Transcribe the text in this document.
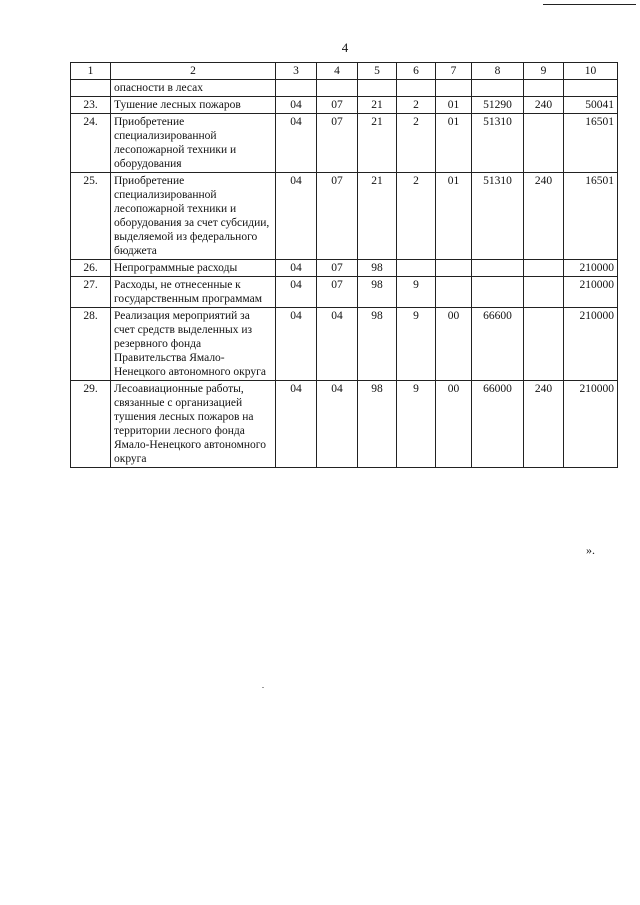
4
1	2	3	4	5	6	7	8	9	10
	опасности в лесах								
23.	Тушение лесных пожаров	04	07	21	2	01	51290	240	50041
24.	Приобретение специализированной лесопожарной техники и оборудования	04	07	21	2	01	51310		16501
25.	Приобретение специализированной лесопожарной техники и оборудования за счет субсидии, выделяемой из федерального бюджета	04	07	21	2	01	51310	240	16501
26.	Непрограммные расходы	04	07	98					210000
27.	Расходы, не отнесенные к государственным программам	04	07	98	9				210000
28.	Реализация мероприятий за счет средств выделенных из резервного фонда Правительства Ямало-Ненецкого автономного округа	04	04	98	9	00	66600		210000
29.	Лесоавиационные работы, связанные с организацией тушения лесных пожаров на территории лесного фонда Ямало-Ненецкого автономного округа	04	04	98	9	00	66000	240	210000
».
